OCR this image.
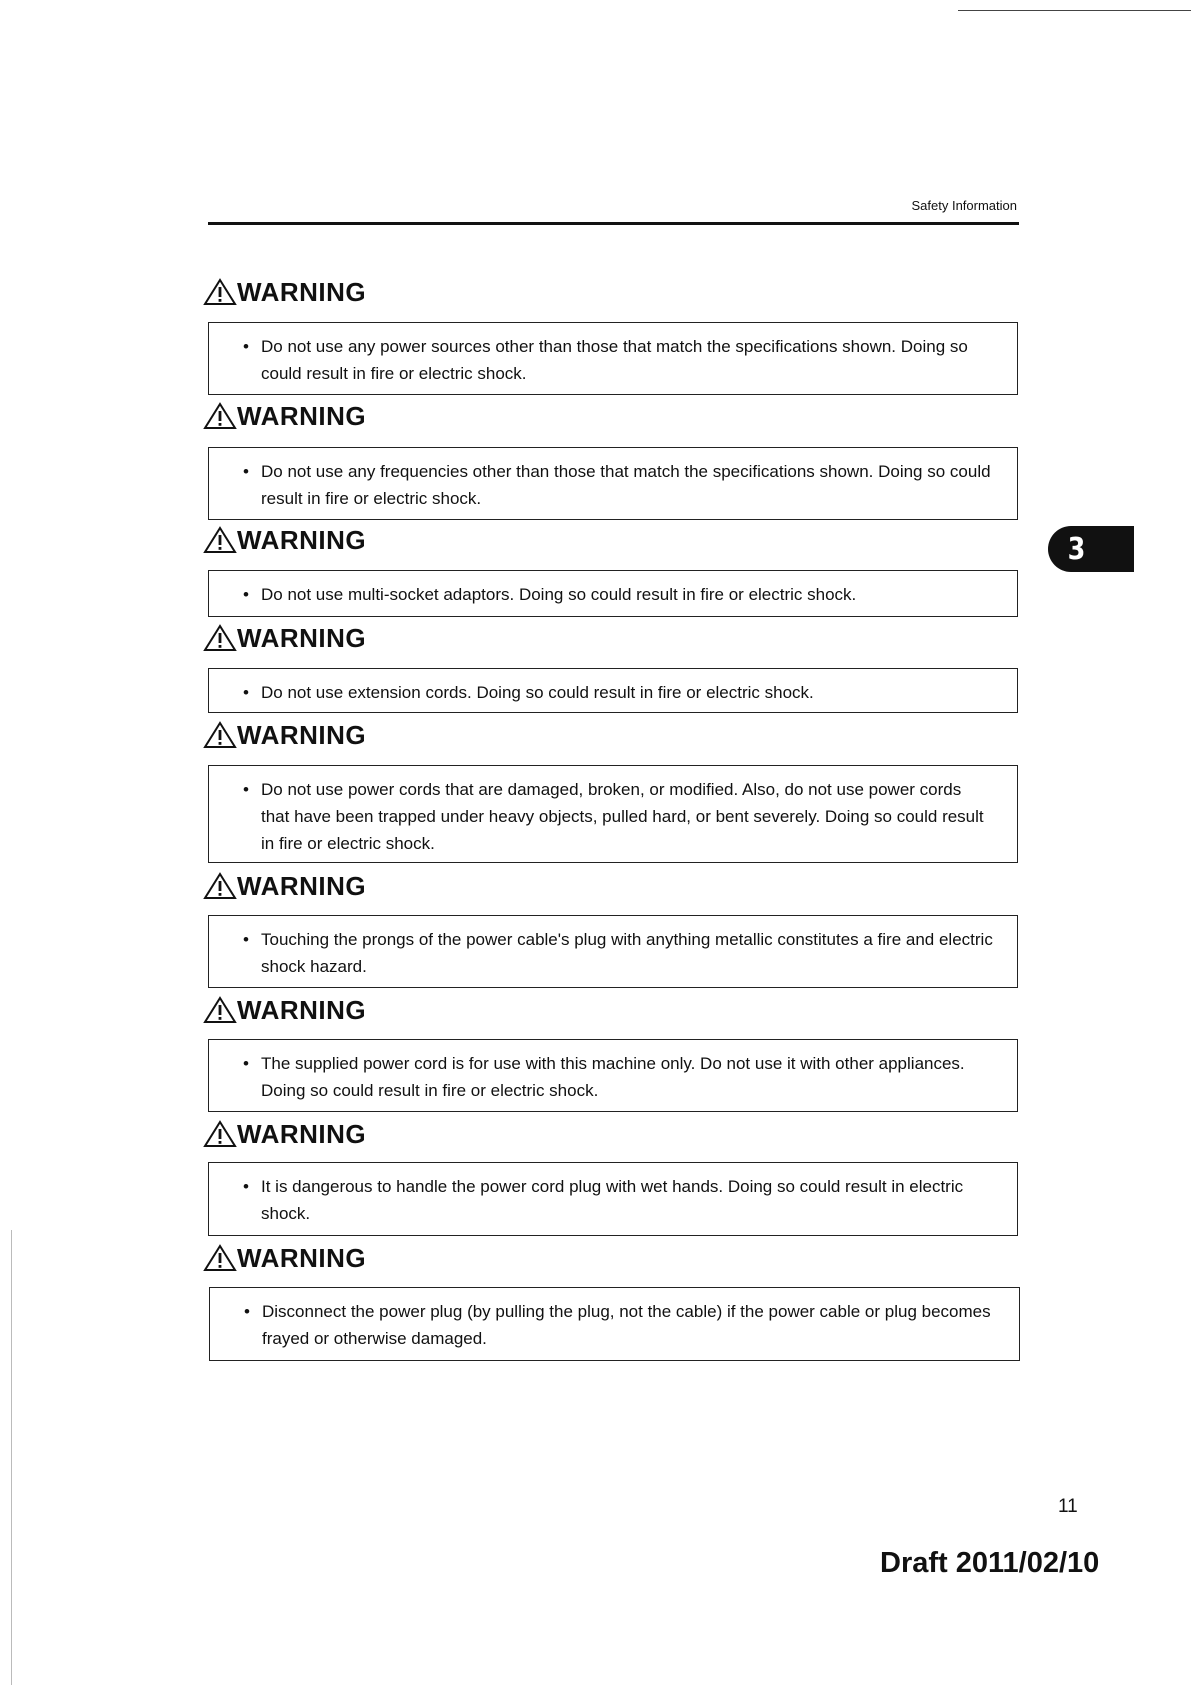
Safety Information
3
WARNING
• Do not use any power sources other than those that match the specifications shown. Doing so could result in fire or electric shock.
WARNING
• Do not use any frequencies other than those that match the specifications shown. Doing so could result in fire or electric shock.
WARNING
• Do not use multi-socket adaptors. Doing so could result in fire or electric shock.
WARNING
• Do not use extension cords. Doing so could result in fire or electric shock.
WARNING
• Do not use power cords that are damaged, broken, or modified. Also, do not use power cords that have been trapped under heavy objects, pulled hard, or bent severely. Doing so could result in fire or electric shock.
WARNING
• Touching the prongs of the power cable's plug with anything metallic constitutes a fire and electric shock hazard.
WARNING
• The supplied power cord is for use with this machine only. Do not use it with other appliances. Doing so could result in fire or electric shock.
WARNING
• It is dangerous to handle the power cord plug with wet hands. Doing so could result in electric shock.
WARNING
• Disconnect the power plug (by pulling the plug, not the cable) if the power cable or plug becomes frayed or otherwise damaged.
11
Draft 2011/02/10
